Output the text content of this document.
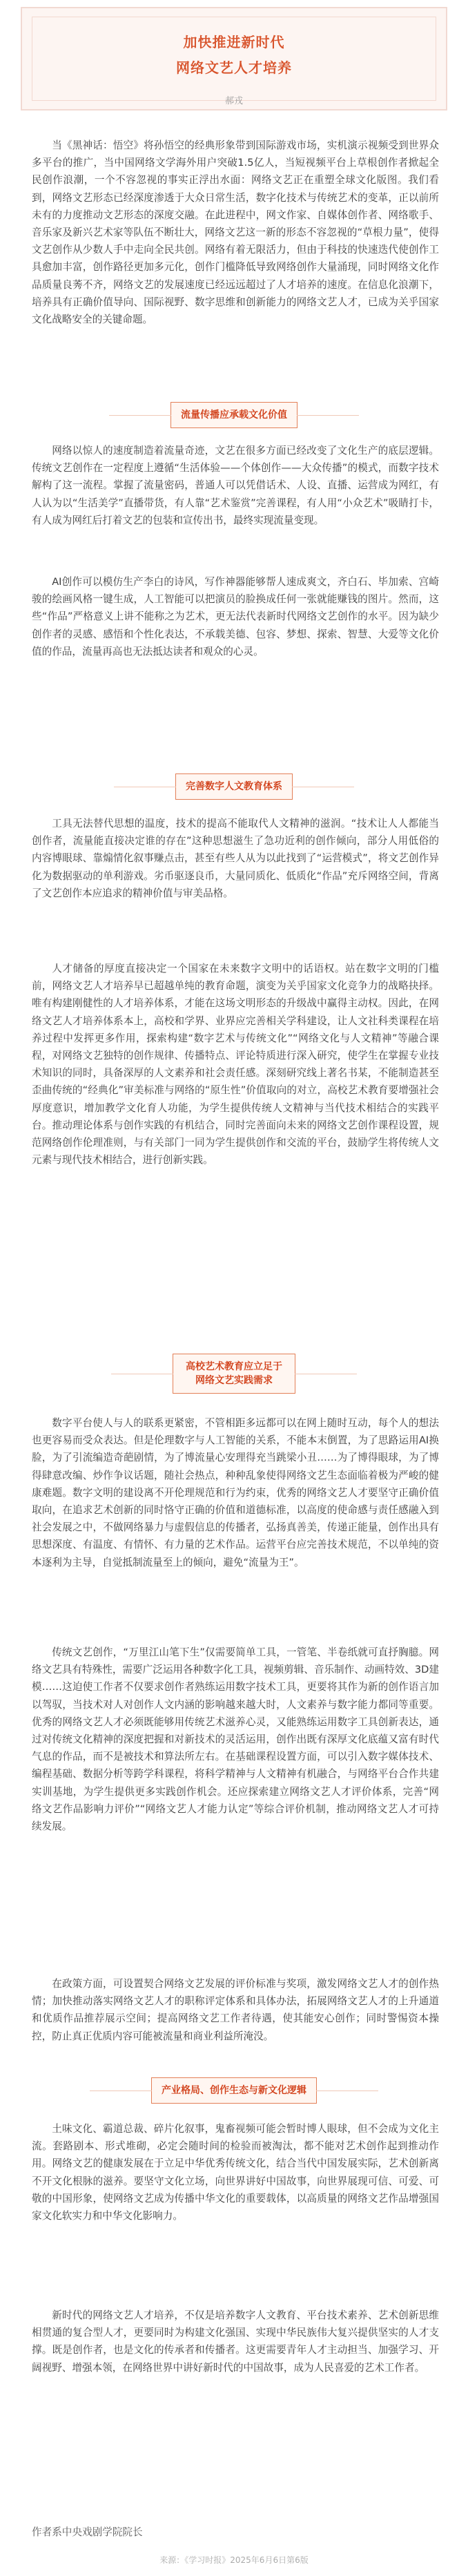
加快推进新时代
网络文艺人才培养
郝戎

当《黑神话：悟空》将孙悟空的经典形象带到国际游戏市场，实机演示视频受到世界众多平台的推广，当中国网络文学海外用户突破1.5亿人，当短视频平台上草根创作者掀起全民创作浪潮，一个不容忽视的事实正浮出水面：网络文艺正在重塑全球文化版图。我们看到，网络文艺形态已经深度渗透于大众日常生活，数字化技术与传统艺术的变革，正以前所未有的力度推动文艺形态的深度交融。在此进程中，网文作家、自媒体创作者、网络歌手、音乐家及新兴艺术家等队伍不断壮大，网络文艺这一新的形态不容忽视的“草根力量”，使得文艺创作从少数人手中走向全民共创。网络有着无限活力，但由于科技的快速迭代使创作工具愈加丰富，创作路径更加多元化，创作门槛降低导致网络创作大量涌现，同时网络文化作品质量良莠不齐，网络文艺的发展速度已经远远超过了人才培养的速度。在信息化浪潮下，培养具有正确价值导向、国际视野、数字思维和创新能力的网络文艺人才，已成为关乎国家文化战略安全的关键命题。

流量传播应承载文化价值

网络以惊人的速度制造着流量奇迹，文艺在很多方面已经改变了文化生产的底层逻辑。传统文艺创作在一定程度上遵循“生活体验——个体创作——大众传播”的模式，而数字技术解构了这一流程。掌握了流量密码，普通人可以凭借话术、人设、直播、运营成为网红，有人认为以“生活美学”直播带货，有人靠“艺术鉴赏”完善课程，有人用“小众艺术”吸睛打卡，有人成为网红后打着文艺的包装和宣传出书，最终实现流量变现。

AI创作可以模仿生产李白的诗风，写作神器能够帮人速成爽文，齐白石、毕加索、宫崎骏的绘画风格一键生成，人工智能可以把演员的脸换成任何一张就能赚钱的图片。然而，这些“作品”严格意义上讲不能称之为艺术，更无法代表新时代网络文艺创作的水平。因为缺少创作者的灵感、感悟和个性化表达，不承载美德、包容、梦想、探索、智慧、大爱等文化价值的作品，流量再高也无法抵达读者和观众的心灵。

完善数字人文教育体系

工具无法替代思想的温度，技术的提高不能取代人文精神的滋润。“技术让人人都能当创作者，流量能直接决定谁的存在”这种思想滋生了急功近利的创作倾向，部分人用低俗的内容博眼球、靠煽情化叙事赚点击，甚至有些人从为以此找到了“运营模式”，将文艺创作异化为数据驱动的单利游戏。劣币驱逐良币，大量同质化、低质化“作品”充斥网络空间，背离了文艺创作本应追求的精神价值与审美品格。

人才储备的厚度直接决定一个国家在未来数字文明中的话语权。站在数字文明的门槛前，网络文艺人才培养早已超越单纯的教育命题，演变为关乎国家文化竞争力的战略抉择。唯有构建刚健性的人才培养体系，才能在这场文明形态的升级战中赢得主动权。因此，在网络文艺人才培养体系本上，高校和学界、业界应完善相关学科建设，让人文社科类课程在培养过程中发挥更多作用，探索构建“数字艺术与传统文化”“网络文化与人文精神”等融合课程，对网络文艺独特的创作规律、传播特点、评论特质进行深入研究，使学生在掌握专业技术知识的同时，具备深厚的人文素养和社会责任感。深刻研究线上著名书某，不能制造甚至歪曲传统的“经典化”审美标准与网络的“原生性”价值取向的对立，高校艺术教育要增强社会厚度意识，增加教学文化育人功能，为学生提供传统人文精神与当代技术相结合的实践平台。推动理论体系与创作实践的有机结合，同时完善面向未来的网络文艺创作课程设置，规范网络创作伦理准则，与有关部门一同为学生提供创作和交流的平台，鼓励学生将传统人文元素与现代技术相结合，进行创新实践。

高校艺术教育应立足于
网络文艺实践需求

数字平台使人与人的联系更紧密，不管相距多远都可以在网上随时互动，每个人的想法也更容易而受众表达。但是伦理数字与人工智能的关系，不能本末倒置，为了思路运用AI换脸，为了引流编造奇葩剧情，为了博流量心安理得充当跳梁小丑……为了博得眼球，为了博得肆意改编、炒作争议话题，随社会热点，种种乱象使得网络文艺生态面临着极为严峻的健康难题。数字文明的建设离不开伦理规范和行为约束，优秀的网络文艺人才要坚守正确价值取向，在追求艺术创新的同时恪守正确的价值和道德标准，以高度的使命感与责任感融入到社会发展之中，不做网络暴力与虚假信息的传播者，弘扬真善美，传递正能量，创作出具有思想深度、有温度、有情怀、有力量的艺术作品。运营平台应完善技术规范，不以单纯的资本逐利为主导，自觉抵制流量至上的倾向，避免“流量为王”。

传统文艺创作，“万里江山笔下生”仅需要简单工具，一管笔、半卷纸就可直抒胸臆。网络文艺具有特殊性，需要广泛运用各种数字化工具，视频剪辑、音乐制作、动画特效、3D建模……这迫使工作者不仅要求创作者熟练运用数字技术工具，更要将其作为新的创作语言加以驾驭，当技术对人对创作人文内涵的影响越来越大时，人文素养与数字能力都同等重要。优秀的网络文艺人才必须既能够用传统艺术滋养心灵，又能熟练运用数字工具创新表达，通过对传统文化精神的深度把握和对新技术的灵活运用，创作出既有深厚文化底蕴又富有时代气息的作品，而不是被技术和算法所左右。在基础课程设置方面，可以引入数字媒体技术、编程基础、数据分析等跨学科课程，将科学精神与人文精神有机融合，与网络平台合作共建实训基地，为学生提供更多实践创作机会。还应探索建立网络文艺人才评价体系，完善“网络文艺作品影响力评价”“网络文艺人才能力认定”等综合评价机制，推动网络文艺人才可持续发展。

在政策方面，可设置契合网络文艺发展的评价标准与奖项，激发网络文艺人才的创作热情；加快推动落实网络文艺人才的职称评定体系和具体办法，拓展网络文艺人才的上升通道和优质作品推荐展示空间；提高网络文艺工作者待遇，使其能安心创作；同时警惕资本操控，防止真正优质内容可能被流量和商业利益所淹没。

产业格局、创作生态与新文化逻辑

土味文化、霸道总裁、碎片化叙事，鬼畜视频可能会暂时博人眼球，但不会成为文化主流。套路剧本、形式堆砌，必定会随时间的检验而被淘汰，都不能对艺术创作起到推动作用。网络文艺的健康发展在于立足中华优秀传统文化，结合当代中国发展实际，艺术创新离不开文化根脉的滋养。要坚守文化立场，向世界讲好中国故事，向世界展现可信、可爱、可敬的中国形象，使网络文艺成为传播中华文化的重要载体，以高质量的网络文艺作品增强国家文化软实力和中华文化影响力。

新时代的网络文艺人才培养，不仅是培养数字人文教育、平台技术素养、艺术创新思维相贯通的复合型人才，更要同时为构建文化强国、实现中华民族伟大复兴提供坚实的人才支撑。既是创作者，也是文化的传承者和传播者。这更需要青年人才主动担当、加强学习、开阔视野、增强本领，在网络世界中讲好新时代的中国故事，成为人民喜爱的艺术工作者。

作者系中央戏剧学院院长
来源：《学习时报》2025年6月6日第6版
